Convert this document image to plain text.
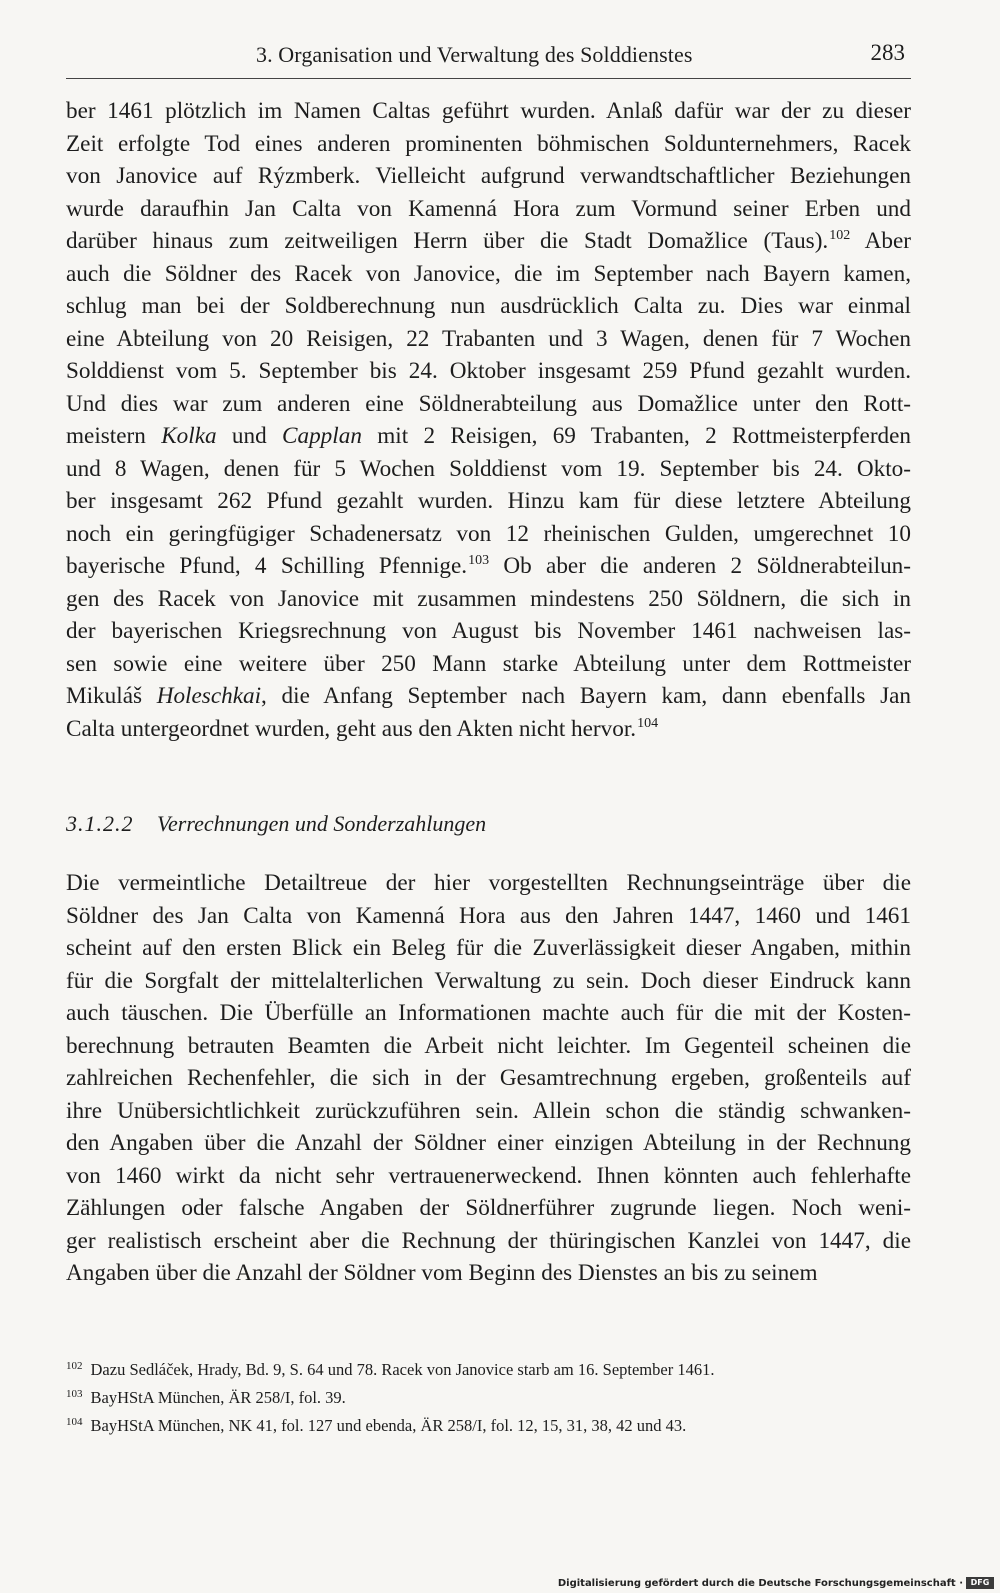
3. Organisation und Verwaltung des Solddienstes	283
ber 1461 plötzlich im Namen Caltas geführt wurden. Anlaß dafür war der zu dieser
Zeit erfolgte Tod eines anderen prominenten böhmischen Soldunternehmers, Racek
von Janovice auf Rýzmberk. Vielleicht aufgrund verwandtschaftlicher Beziehungen
wurde daraufhin Jan Calta von Kamenná Hora zum Vormund seiner Erben und
darüber hinaus zum zeitweiligen Herrn über die Stadt Domažlice (Taus).$^{102}$ Aber
auch die Söldner des Racek von Janovice, die im September nach Bayern kamen,
schlug man bei der Soldberechnung nun ausdrücklich Calta zu. Dies war einmal
eine Abteilung von 20 Reisigen, 22 Trabanten und 3 Wagen, denen für 7 Wochen
Solddienst vom 5. September bis 24. Oktober insgesamt 259 Pfund gezahlt wurden.
Und dies war zum anderen eine Söldnerabteilung aus Domažlice unter den Rott-
meistern Kolka und Capplan mit 2 Reisigen, 69 Trabanten, 2 Rottmeisterpferden
und 8 Wagen, denen für 5 Wochen Solddienst vom 19. September bis 24. Okto-
ber insgesamt 262 Pfund gezahlt wurden. Hinzu kam für diese letztere Abteilung
noch ein geringfügiger Schadenersatz von 12 rheinischen Gulden, umgerechnet 10
bayerische Pfund, 4 Schilling Pfennige.$^{103}$ Ob aber die anderen 2 Söldnerabteilun-
gen des Racek von Janovice mit zusammen mindestens 250 Söldnern, die sich in
der bayerischen Kriegsrechnung von August bis November 1461 nachweisen las-
sen sowie eine weitere über 250 Mann starke Abteilung unter dem Rottmeister
Mikuláš Holeschkai, die Anfang September nach Bayern kam, dann ebenfalls Jan
Calta untergeordnet wurden, geht aus den Akten nicht hervor.$^{104}$
3.1.2.2 Verrechnungen und Sonderzahlungen
Die vermeintliche Detailtreue der hier vorgestellten Rechnungseinträge über die
Söldner des Jan Calta von Kamenná Hora aus den Jahren 1447, 1460 und 1461
scheint auf den ersten Blick ein Beleg für die Zuverlässigkeit dieser Angaben, mithin
für die Sorgfalt der mittelalterlichen Verwaltung zu sein. Doch dieser Eindruck kann
auch täuschen. Die Überfülle an Informationen machte auch für die mit der Kosten-
berechnung betrauten Beamten die Arbeit nicht leichter. Im Gegenteil scheinen die
zahlreichen Rechenfehler, die sich in der Gesamtrechnung ergeben, großenteils auf
ihre Unübersichtlichkeit zurückzuführen sein. Allein schon die ständig schwanken-
den Angaben über die Anzahl der Söldner einer einzigen Abteilung in der Rechnung
von 1460 wirkt da nicht sehr vertrauenerweckend. Ihnen könnten auch fehlerhafte
Zählungen oder falsche Angaben der Söldnerführer zugrunde liegen. Noch weni-
ger realistisch erscheint aber die Rechnung der thüringischen Kanzlei von 1447, die
Angaben über die Anzahl der Söldner vom Beginn des Dienstes an bis zu seinem
$^{102}$ Dazu Sedláček, Hrady, Bd. 9, S. 64 und 78. Racek von Janovice starb am 16. September 1461.
$^{103}$ BayHStA München, ÄR 258/I, fol. 39.
$^{104}$ BayHStA München, NK 41, fol. 127 und ebenda, ÄR 258/I, fol. 12, 15, 31, 38, 42 und 43.
Digitalisierung gefördert durch die Deutsche Forschungsgemeinschaft · DFG
